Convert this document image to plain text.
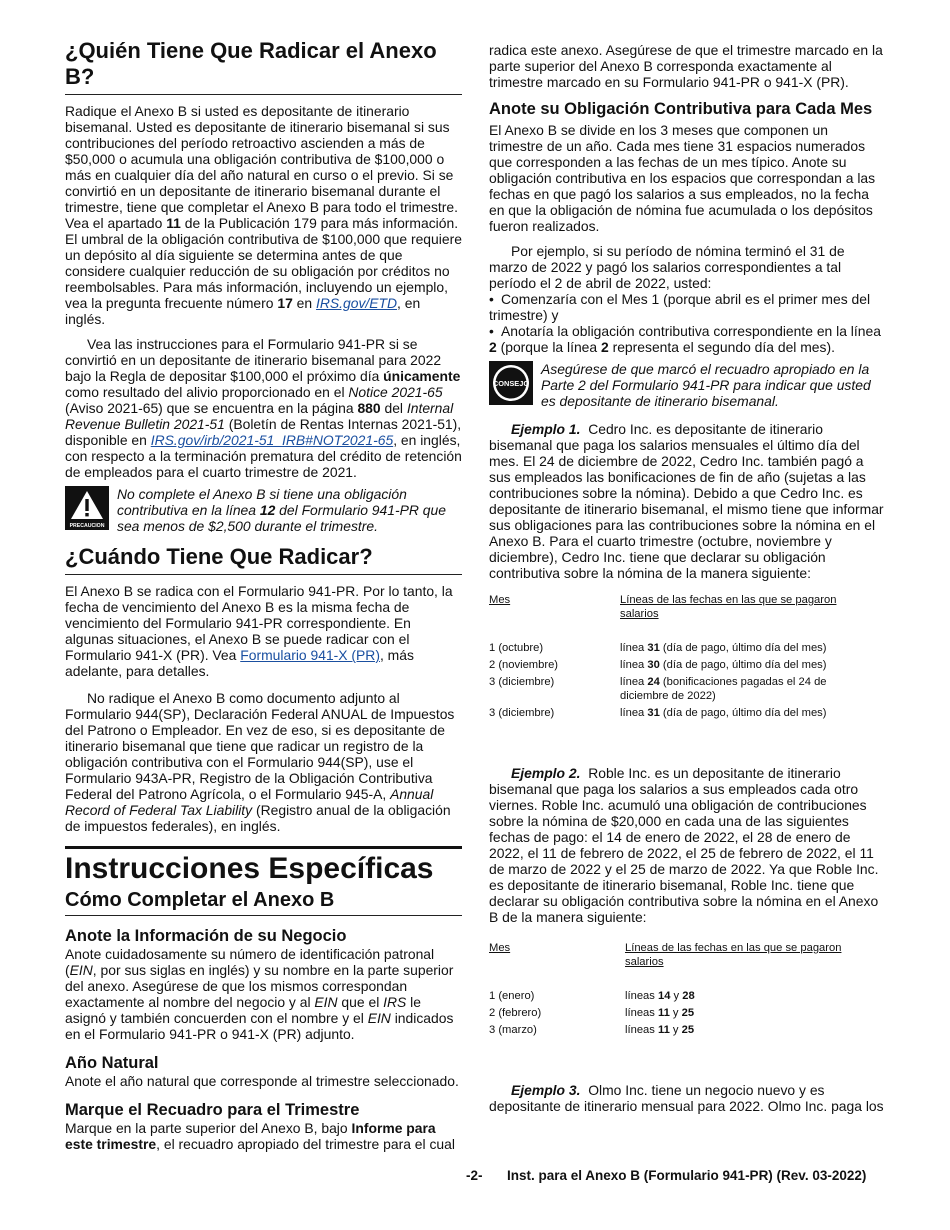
¿Quién Tiene Que Radicar el Anexo B?

Radique el Anexo B si usted es depositante de itinerario bisemanal. Usted es depositante de itinerario bisemanal si sus contribuciones del período retroactivo ascienden a más de $50,000 o acumula una obligación contributiva de $100,000 o más en cualquier día del año natural en curso o el previo. Si se convirtió en un depositante de itinerario bisemanal durante el trimestre, tiene que completar el Anexo B para todo el trimestre. Vea el apartado 11 de la Publicación 179 para más información. El umbral de la obligación contributiva de $100,000 que requiere un depósito al día siguiente se determina antes de que considere cualquier reducción de su obligación por créditos no reembolsables. Para más información, incluyendo un ejemplo, vea la pregunta frecuente número 17 en IRS.gov/ETD, en inglés.

Vea las instrucciones para el Formulario 941-PR si se convirtió en un depositante de itinerario bisemanal para 2022 bajo la Regla de depositar $100,000 el próximo día únicamente como resultado del alivio proporcionado en el Notice 2021-65 (Aviso 2021-65) que se encuentra en la página 880 del Internal Revenue Bulletin 2021-51 (Boletín de Rentas Internas 2021-51), disponible en IRS.gov/irb/2021-51_IRB#NOT2021-65, en inglés, con respecto a la terminación prematura del crédito de retención de empleados para el cuarto trimestre de 2021.

PRECAUCION

No complete el Anexo B si tiene una obligación contributiva en la línea 12 del Formulario 941-PR que sea menos de $2,500 durante el trimestre.

¿Cuándo Tiene Que Radicar?

El Anexo B se radica con el Formulario 941-PR. Por lo tanto, la fecha de vencimiento del Anexo B es la misma fecha de vencimiento del Formulario 941-PR correspondiente. En algunas situaciones, el Anexo B se puede radicar con el Formulario 941-X (PR). Vea Formulario 941-X (PR), más adelante, para detalles.

No radique el Anexo B como documento adjunto al Formulario 944(SP), Declaración Federal ANUAL de Impuestos del Patrono o Empleador. En vez de eso, si es depositante de itinerario bisemanal que tiene que radicar un registro de la obligación contributiva con el Formulario 944(SP), use el Formulario 943A-PR, Registro de la Obligación Contributiva Federal del Patrono Agrícola, o el Formulario 945-A, Annual Record of Federal Tax Liability (Registro anual de la obligación de impuestos federales), en inglés.

Instrucciones Específicas
Cómo Completar el Anexo B
Anote la Información de su Negocio

Anote cuidadosamente su número de identificación patronal (EIN, por sus siglas en inglés) y su nombre en la parte superior del anexo. Asegúrese de que los mismos correspondan exactamente al nombre del negocio y al EIN que el IRS le asignó y también concuerden con el nombre y el EIN indicados en el Formulario 941-PR o 941-X (PR) adjunto.

Año Natural

Anote el año natural que corresponde al trimestre seleccionado.

Marque el Recuadro para el Trimestre

Marque en la parte superior del Anexo B, bajo Informe para este trimestre, el recuadro apropiado del trimestre para el cual

radica este anexo. Asegúrese de que el trimestre marcado en la parte superior del Anexo B corresponda exactamente al trimestre marcado en su Formulario 941-PR o 941-X (PR).

Anote su Obligación Contributiva para Cada Mes

El Anexo B se divide en los 3 meses que componen un trimestre de un año. Cada mes tiene 31 espacios numerados que corresponden a las fechas de un mes típico. Anote su obligación contributiva en los espacios que correspondan a las fechas en que pagó los salarios a sus empleados, no la fecha en que la obligación de nómina fue acumulada o los depósitos fueron realizados.

Por ejemplo, si su período de nómina terminó el 31 de marzo de 2022 y pagó los salarios correspondientes a tal período el 2 de abril de 2022, usted:

• Comenzaría con el Mes 1 (porque abril es el primer mes del trimestre) y
• Anotaría la obligación contributiva correspondiente en la línea 2 (porque la línea 2 representa el segundo día del mes).
CONSEJO

Asegúrese de que marcó el recuadro apropiado en la Parte 2 del Formulario 941-PR para indicar que usted es depositante de itinerario bisemanal.

Ejemplo 1. Cedro Inc. es depositante de itinerario bisemanal que paga los salarios mensuales el último día del mes. El 24 de diciembre de 2022, Cedro Inc. también pagó a sus empleados las bonificaciones de fin de año (sujetas a las contribuciones sobre la nómina). Debido a que Cedro Inc. es depositante de itinerario bisemanal, el mismo tiene que informar sus obligaciones para las contribuciones sobre la nómina en el Anexo B. Para el cuarto trimestre (octubre, noviembre y diciembre), Cedro Inc. tiene que declarar su obligación contributiva sobre la nómina de la manera siguiente:

Mes	Líneas de las fechas en las que se pagaron salarios

1 (octubre)	línea 31 (día de pago, último día del mes)
2 (noviembre)	línea 30 (día de pago, último día del mes)
3 (diciembre)	línea 24 (bonificaciones pagadas el 24 de diciembre de 2022)
3 (diciembre)	línea 31 (día de pago, último día del mes)

Ejemplo 2. Roble Inc. es un depositante de itinerario bisemanal que paga los salarios a sus empleados cada otro viernes. Roble Inc. acumuló una obligación de contribuciones sobre la nómina de $20,000 en cada una de las siguientes fechas de pago: el 14 de enero de 2022, el 28 de enero de 2022, el 11 de febrero de 2022, el 25 de febrero de 2022, el 11 de marzo de 2022 y el 25 de marzo de 2022. Ya que Roble Inc. es depositante de itinerario bisemanal, Roble Inc. tiene que declarar su obligación contributiva sobre la nómina en el Anexo B de la manera siguiente:

Mes	Líneas de las fechas en las que se pagaron salarios

1 (enero)	líneas 14 y 28
2 (febrero)	líneas 11 y 25
3 (marzo)	líneas 11 y 25

Ejemplo 3. Olmo Inc. tiene un negocio nuevo y es depositante de itinerario mensual para 2022. Olmo Inc. paga los

-2- Inst. para el Anexo B (Formulario 941-PR) (Rev. 03-2022)
